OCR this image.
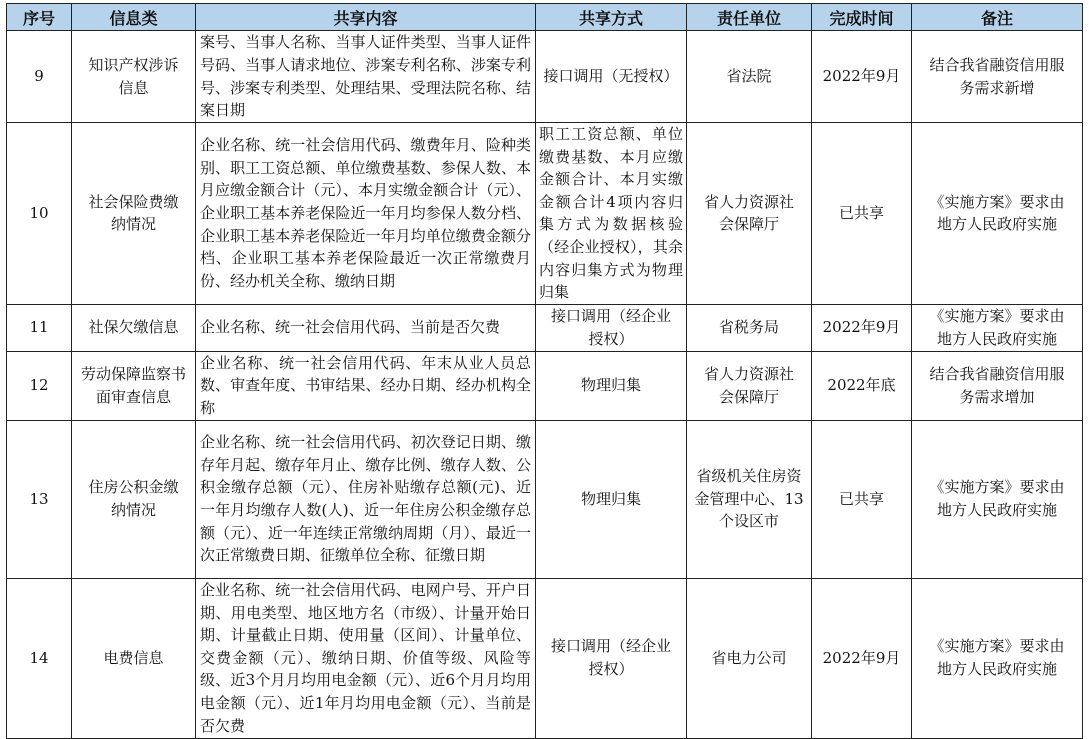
序号	信息类	共享内容	共享方式	责任单位	完成时间	备注
9	知识产权涉诉信息	案号、当事人名称、当事人证件类型、当事人证件号码、当事人请求地位、涉案专利名称、涉案专利号、涉案专利类型、处理结果、受理法院名称、结案日期	接口调用（无授权）	省法院	2022年9月	结合我省融资信用服务需求新增
10	社会保险费缴纳情况	企业名称、统一社会信用代码、缴费年月、险种类别、职工工资总额、单位缴费基数、参保人数、本月应缴金额合计（元）、本月实缴金额合计（元）、企业职工基本养老保险近一年月均参保人数分档、企业职工基本养老保险近一年月均单位缴费金额分档、企业职工基本养老保险最近一次正常缴费月份、经办机关全称、缴纳日期	职工工资总额、单位缴费基数、本月应缴金额合计、本月实缴金额合计4项内容归集方式为数据核验（经企业授权），其余内容归集方式为物理归集	省人力资源社会保障厅	已共享	《实施方案》要求由地方人民政府实施
11	社保欠缴信息	企业名称、统一社会信用代码、当前是否欠费	接口调用（经企业授权）	省税务局	2022年9月	《实施方案》要求由地方人民政府实施
12	劳动保障监察书面审查信息	企业名称、统一社会信用代码、年末从业人员总数、审查年度、书审结果、经办日期、经办机构全称	物理归集	省人力资源社会保障厅	2022年底	结合我省融资信用服务需求增加
13	住房公积金缴纳情况	企业名称、统一社会信用代码、初次登记日期、缴存年月起、缴存年月止、缴存比例、缴存人数、公积金缴存总额（元）、住房补贴缴存总额(元)、近一年月均缴存人数(人)、近一年住房公积金缴存总额（元）、近一年连续正常缴纳周期（月）、最近一次正常缴费日期、征缴单位全称、征缴日期	物理归集	省级机关住房资金管理中心、13个设区市	已共享	《实施方案》要求由地方人民政府实施
14	电费信息	企业名称、统一社会信用代码、电网户号、开户日期、用电类型、地区地方名（市级）、计量开始日期、计量截止日期、使用量（区间）、计量单位、交费金额（元）、缴纳日期、价值等级、风险等级、近3个月月均用电金额（元）、近6个月月均用电金额（元）、近1年月均用电金额（元）、当前是否欠费	接口调用（经企业授权）	省电力公司	2022年9月	《实施方案》要求由地方人民政府实施
